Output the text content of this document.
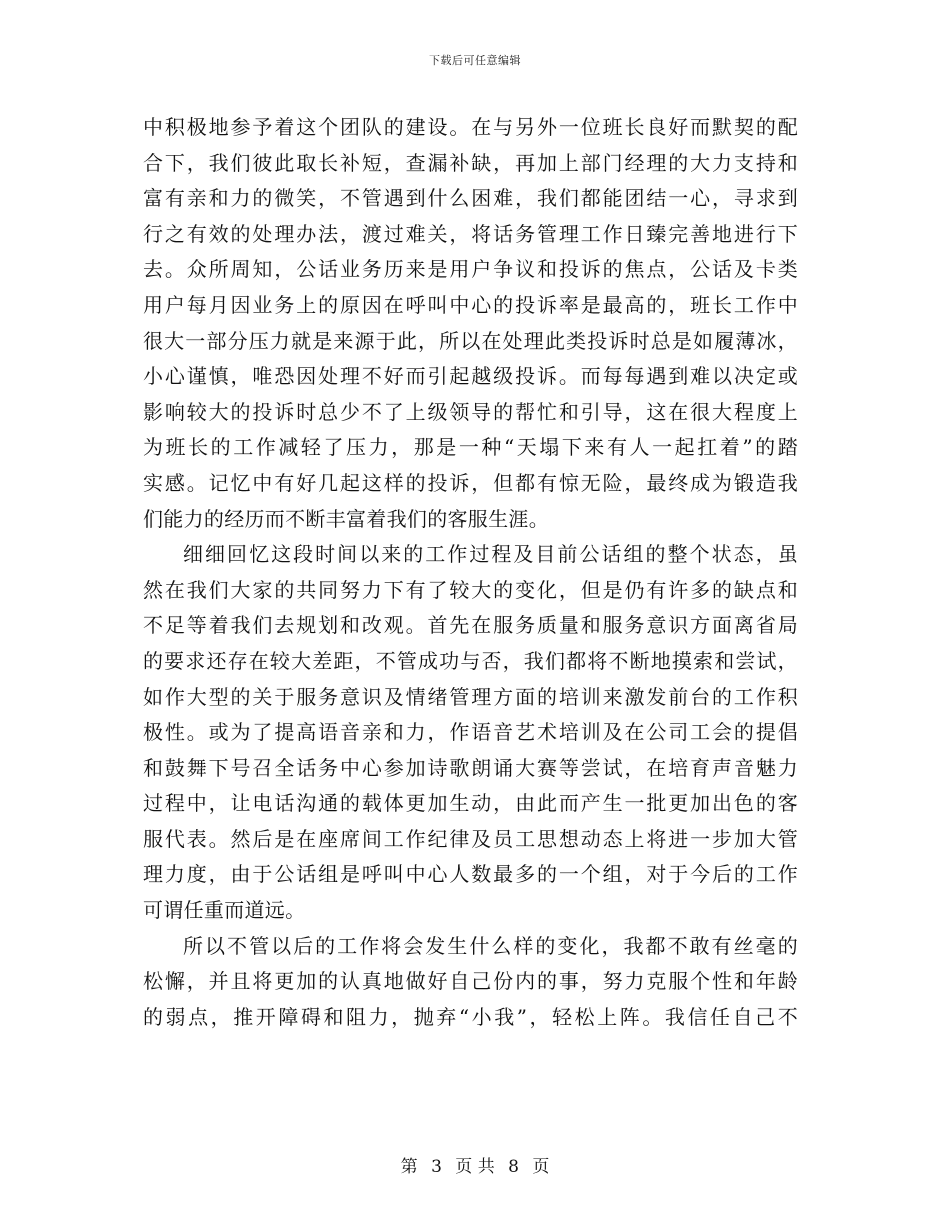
下载后可任意编辑
中积极地参予着这个团队的建设。在与另外一位班长良好而默契的配
合下，我们彼此取长补短，查漏补缺，再加上部门经理的大力支持和
富有亲和力的微笑，不管遇到什么困难，我们都能团结一心，寻求到
行之有效的处理办法，渡过难关，将话务管理工作日臻完善地进行下
去。众所周知，公话业务历来是用户争议和投诉的焦点，公话及卡类
用户每月因业务上的原因在呼叫中心的投诉率是最高的，班长工作中
很大一部分压力就是来源于此，所以在处理此类投诉时总是如履薄冰，
小心谨慎，唯恐因处理不好而引起越级投诉。而每每遇到难以决定或
影响较大的投诉时总少不了上级领导的帮忙和引导，这在很大程度上
为班长的工作减轻了压力，那是一种“天塌下来有人一起扛着”的踏
实感。记忆中有好几起这样的投诉，但都有惊无险，最终成为锻造我
们能力的经历而不断丰富着我们的客服生涯。
细细回忆这段时间以来的工作过程及目前公话组的整个状态，虽
然在我们大家的共同努力下有了较大的变化，但是仍有许多的缺点和
不足等着我们去规划和改观。首先在服务质量和服务意识方面离省局
的要求还存在较大差距，不管成功与否，我们都将不断地摸索和尝试，
如作大型的关于服务意识及情绪管理方面的培训来激发前台的工作积
极性。或为了提高语音亲和力，作语音艺术培训及在公司工会的提倡
和鼓舞下号召全话务中心参加诗歌朗诵大赛等尝试，在培育声音魅力
过程中，让电话沟通的载体更加生动，由此而产生一批更加出色的客
服代表。然后是在座席间工作纪律及员工思想动态上将进一步加大管
理力度，由于公话组是呼叫中心人数最多的一个组，对于今后的工作
可谓任重而道远。
所以不管以后的工作将会发生什么样的变化，我都不敢有丝毫的
松懈，并且将更加的认真地做好自己份内的事，努力克服个性和年龄
的弱点，推开障碍和阻力，抛弃“小我”，轻松上阵。我信任自己不
第 3 页 共 8 页
